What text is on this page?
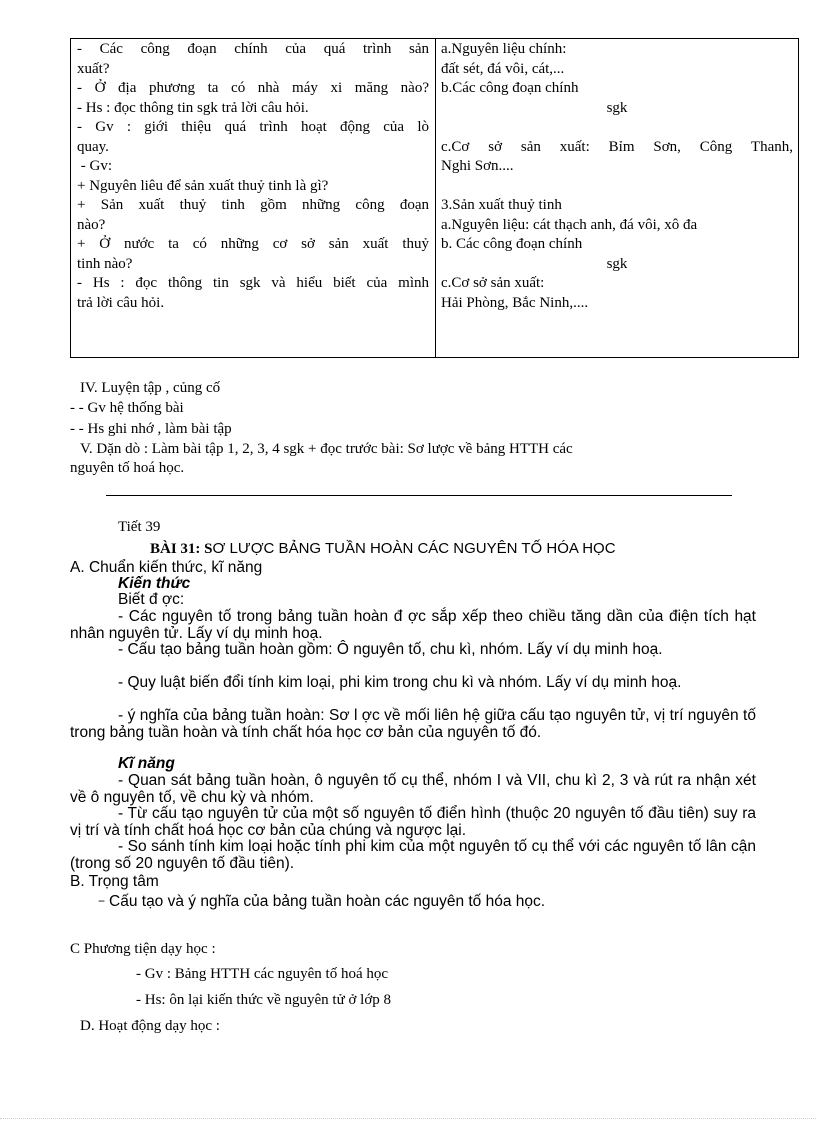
- Các công đoạn chính của quá trình sản
xuất?
- Ở địa phương ta có nhà máy xi măng nào?
- Hs : đọc thông tin sgk trả lời câu hỏi.
- Gv : giới thiệu quá trình hoạt động của lò
quay.
- Gv:
+ Nguyên liêu để sản xuất thuỷ tinh là gì?
+ Sản xuất thuỷ tinh gồm những công đoạn
nào?
+ Ở nước ta có những cơ sở sản xuất thuỷ
tinh nào?
- Hs : đọc thông tin sgk và hiểu biết của mình
trả lời câu hỏi.
a.Nguyên liệu chính:
đất sét, đá vôi, cát,...
b.Các công đoạn chính
sgk

c.Cơ sở sản xuất: Bỉm Sơn, Công Thanh,
Nghi Sơn....

3.Sản xuất thuỷ tinh
a.Nguyên liệu: cát thạch anh, đá vôi, xô đa
b. Các công đoạn chính
sgk
c.Cơ sở sản xuất:
Hải Phòng, Bắc Ninh,....
IV. Luyện tập , củng cố
- - Gv hệ thống bài
- - Hs ghi nhớ , làm bài tập
V. Dặn dò : Làm bài tập 1, 2, 3, 4 sgk + đọc trước bài: Sơ lược về bảng HTTH các
nguyên tố hoá học.
Tiết 39
BÀI 31: SƠ LƯỢC BẢNG TUẦN HOÀN CÁC NGUYÊN TỐ HÓA HỌC
A. Chuẩn kiến thức, kĩ năng
Kiến thức
Biết đ ợc:
- Các nguyên tố trong bảng tuần hoàn đ ợc sắp xếp theo chiều tăng dần của điện tích hạt nhân nguyên tử. Lấy ví dụ minh hoạ.
- Cấu tạo bảng tuần hoàn gồm: Ô nguyên tố, chu kì, nhóm. Lấy ví dụ minh hoạ.
- Quy luật biến đổi tính kim loại, phi kim trong chu kì và nhóm. Lấy ví dụ minh hoạ.
- ý nghĩa của bảng tuần hoàn: Sơ l ợc về mối liên hệ giữa cấu tạo nguyên tử, vị trí nguyên tố trong bảng tuần hoàn và tính chất hóa học cơ bản của nguyên tố đó.
Kĩ năng
- Quan sát bảng tuần hoàn, ô nguyên tố cụ thể, nhóm I và VII, chu kì 2, 3 và rút ra nhận xét về ô nguyên tố, về chu kỳ và nhóm.
- Từ cấu tạo nguyên tử của một số nguyên tố điển hình (thuộc 20 nguyên tố đầu tiên) suy ra vị trí và tính chất hoá học cơ bản của chúng và ngược lại.
- So sánh tính kim loại hoặc tính phi kim của một nguyên tố cụ thể với các nguyên tố lân cận (trong số 20 nguyên tố đầu tiên).
B. Trọng tâm
− Cấu tạo và ý nghĩa của bảng tuần hoàn các nguyên tố hóa học.
C Phương tiện dạy học :
- Gv : Bảng HTTH các nguyên tố hoá học
- Hs: ôn lại kiến thức về nguyên tử ở lớp 8
D. Hoạt động dạy học :
